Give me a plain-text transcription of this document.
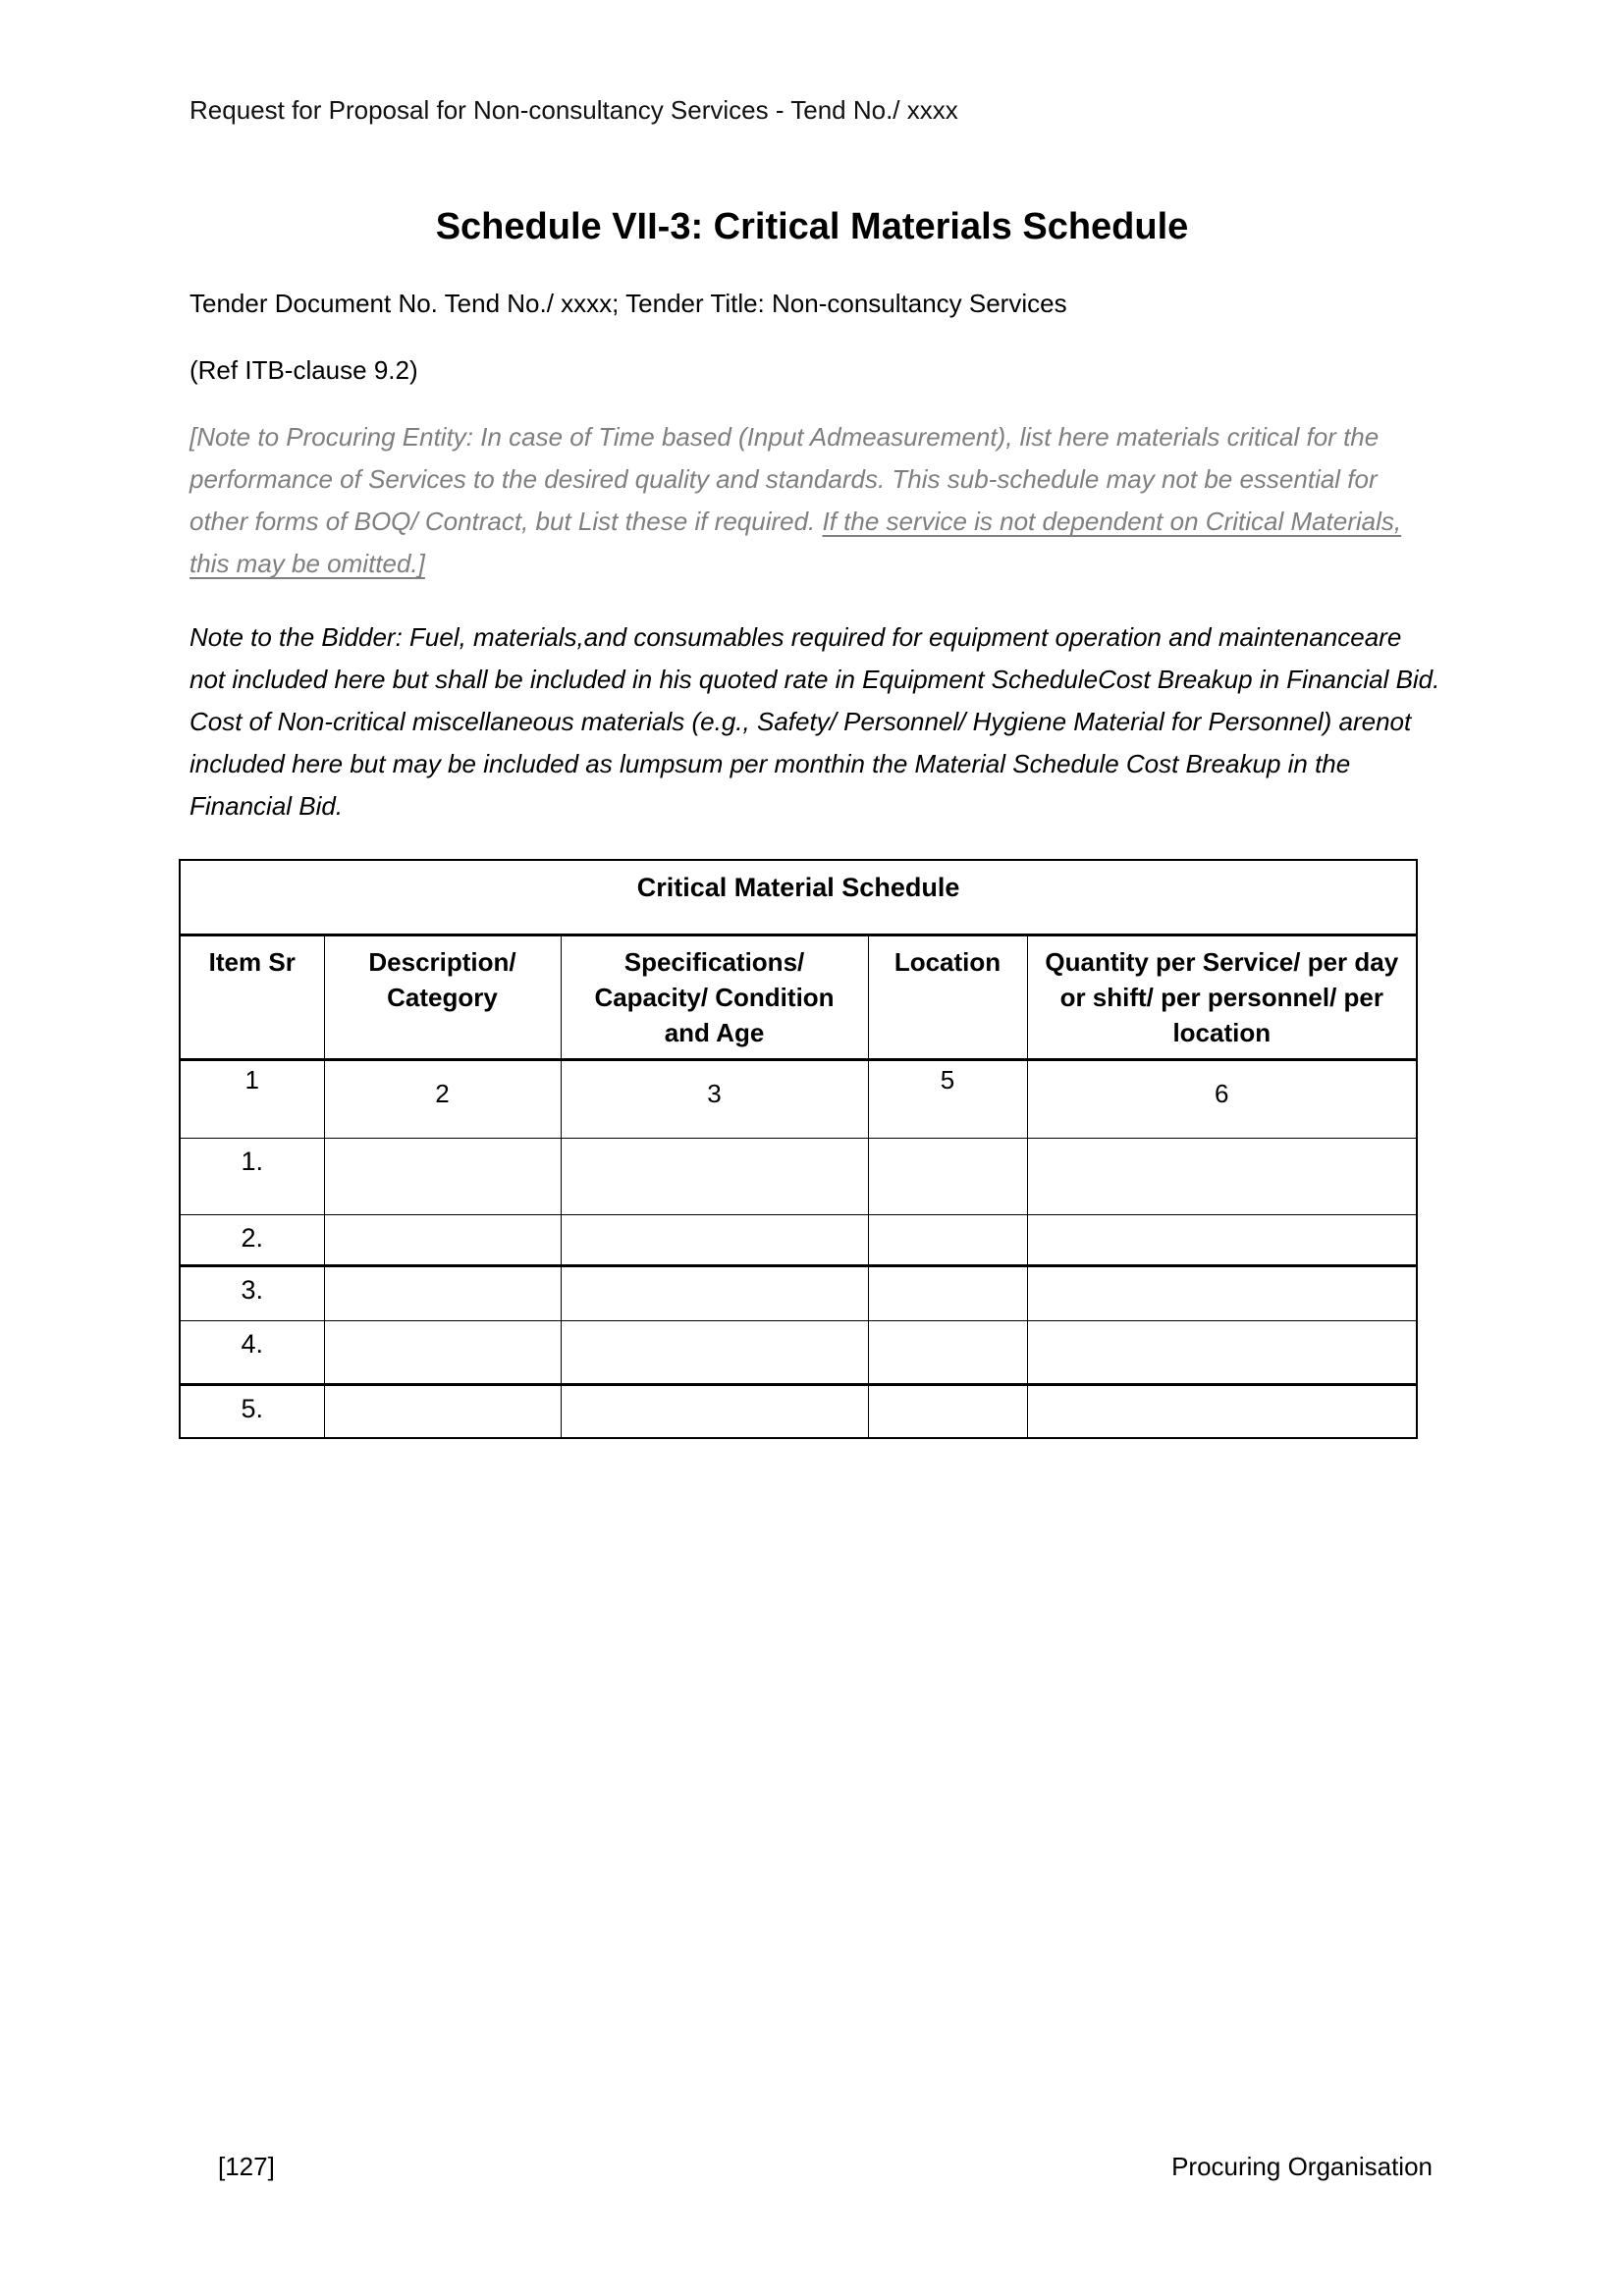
Request for Proposal for Non-consultancy Services - Tend No./ xxxx
Schedule VII-3: Critical Materials Schedule
Tender Document No. Tend No./ xxxx; Tender Title: Non-consultancy Services
(Ref ITB-clause 9.2)
[Note to Procuring Entity: In case of Time based (Input Admeasurement), list here materials critical for the performance of Services to the desired quality and standards. This sub-schedule may not be essential for other forms of BOQ/ Contract, but List these if required. If the service is not dependent on Critical Materials, this may be omitted.]
Note to the Bidder: Fuel, materials,and consumables required for equipment operation and maintenanceare not included here but shall be included in his quoted rate in Equipment ScheduleCost Breakup in Financial Bid. Cost of Non-critical miscellaneous materials (e.g., Safety/ Personnel/ Hygiene Material for Personnel) arenot included here but may be included as lumpsum per monthin the Material Schedule Cost Breakup in the Financial Bid.
Critical Material Schedule				
Item Sr	Description/ Category	Specifications/ Capacity/ Condition and Age	Location	Quantity per Service/ per day or shift/ per personnel/ per location
1	2	3	5	6
1.				
2.				
3.				
4.				
5.				
[127]	Procuring Organisation
